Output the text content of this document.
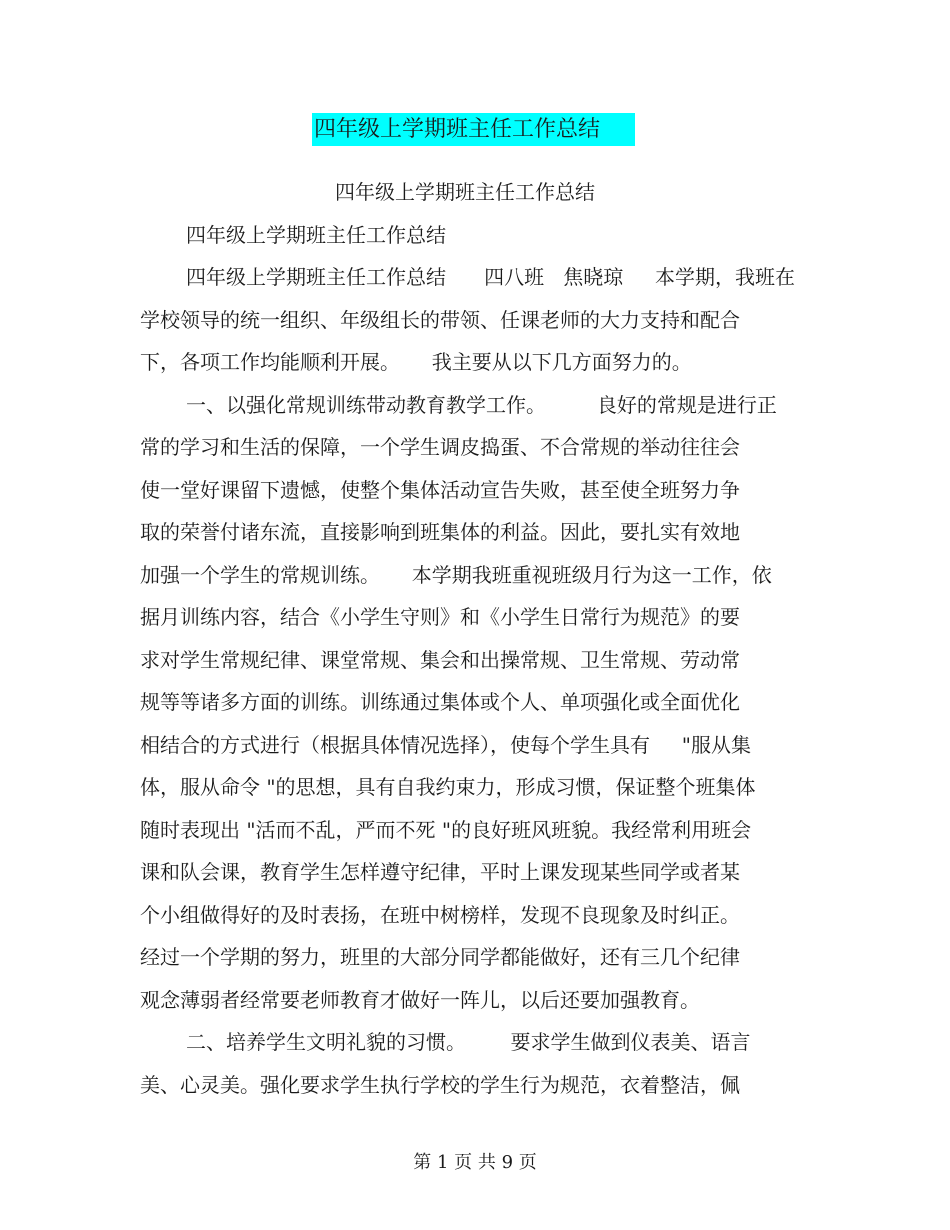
四年级上学期班主任工作总结
四年级上学期班主任工作总结
四年级上学期班主任工作总结
四年级上学期班主任工作总结      四八班   焦晓琼     本学期，我班在
学校领导的统一组织、年级组长的带领、任课老师的大力支持和配合
下，各项工作均能顺利开展。     我主要从以下几方面努力的。
一、以强化常规训练带动教育教学工作。        良好的常规是进行正
常的学习和生活的保障，一个学生调皮捣蛋、不合常规的举动往往会
使一堂好课留下遗憾，使整个集体活动宣告失败，甚至使全班努力争
取的荣誉付诸东流，直接影响到班集体的利益。因此，要扎实有效地
加强一个学生的常规训练。     本学期我班重视班级月行为这一工作，依
据月训练内容，结合《小学生守则》和《小学生日常行为规范》的要
求对学生常规纪律、课堂常规、集会和出操常规、卫生常规、劳动常
规等等诸多方面的训练。训练通过集体或个人、单项强化或全面优化
相结合的方式进行（根据具体情况选择），使每个学生具有     "服从集
体，服从命令 "的思想，具有自我约束力，形成习惯，保证整个班集体
随时表现出 "活而不乱，严而不死 "的良好班风班貌。我经常利用班会
课和队会课，教育学生怎样遵守纪律，平时上课发现某些同学或者某
个小组做得好的及时表扬，在班中树榜样，发现不良现象及时纠正。
经过一个学期的努力，班里的大部分同学都能做好，还有三几个纪律
观念薄弱者经常要老师教育才做好一阵儿，以后还要加强教育。
二、培养学生文明礼貌的习惯。       要求学生做到仪表美、语言
美、心灵美。强化要求学生执行学校的学生行为规范，衣着整洁，佩
第 1 页 共 9 页
